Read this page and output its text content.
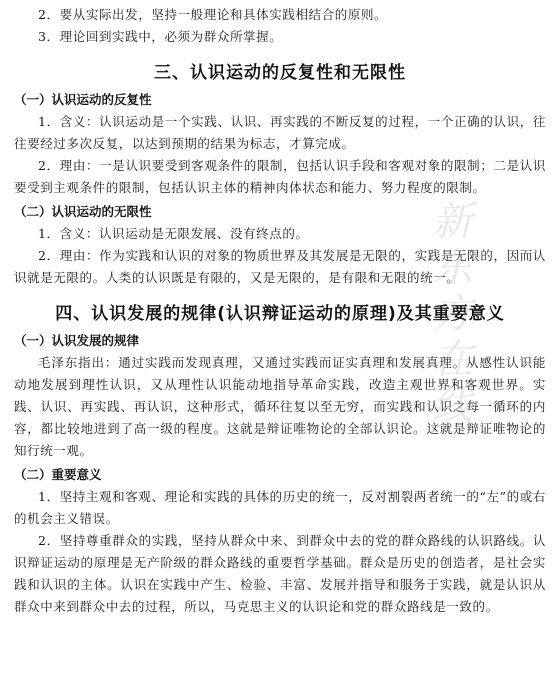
新东方在线

2．要从实际出发，坚持一般理论和具体实践相结合的原则。

3．理论回到实践中，必须为群众所掌握。

三、认识运动的反复性和无限性
（一）认识运动的反复性

1．含义：认识运动是一个实践、认识、再实践的不断反复的过程，一个正确的认识，往往要经过多次反复，以达到预期的结果为标志，才算完成。

2．理由：一是认识要受到客观条件的限制，包括认识手段和客观对象的限制；二是认识要受到主观条件的限制，包括认识主体的精神肉体状态和能力、努力程度的限制。

（二）认识运动的无限性

1．含义：认识运动是无限发展、没有终点的。

2．理由：作为实践和认识的对象的物质世界及其发展是无限的，实践是无限的，因而认识就是无限的。人类的认识既是有限的，又是无限的，是有限和无限的统一。

四、认识发展的规律(认识辩证运动的原理)及其重要意义
（一）认识发展的规律

毛泽东指出：通过实践而发现真理，又通过实践而证实真理和发展真理。从感性认识能动地发展到理性认识，又从理性认识能动地指导革命实践，改造主观世界和客观世界。实践、认识、再实践、再认识，这种形式，循环往复以至无穷，而实践和认识之每一循环的内容，都比较地进到了高一级的程度。这就是辩证唯物论的全部认识论。这就是辩证唯物论的知行统一观。

（二）重要意义

1．坚持主观和客观、理论和实践的具体的历史的统一，反对割裂两者统一的“左”的或右的机会主义错误。

2．坚持尊重群众的实践，坚持从群众中来、到群众中去的党的群众路线的认识路线。认识辩证运动的原理是无产阶级的群众路线的重要哲学基础。群众是历史的创造者，是社会实践和认识的主体。认识在实践中产生、检验、丰富、发展并指导和服务于实践，就是认识从群众中来到群众中去的过程，所以，马克思主义的认识论和党的群众路线是一致的。
